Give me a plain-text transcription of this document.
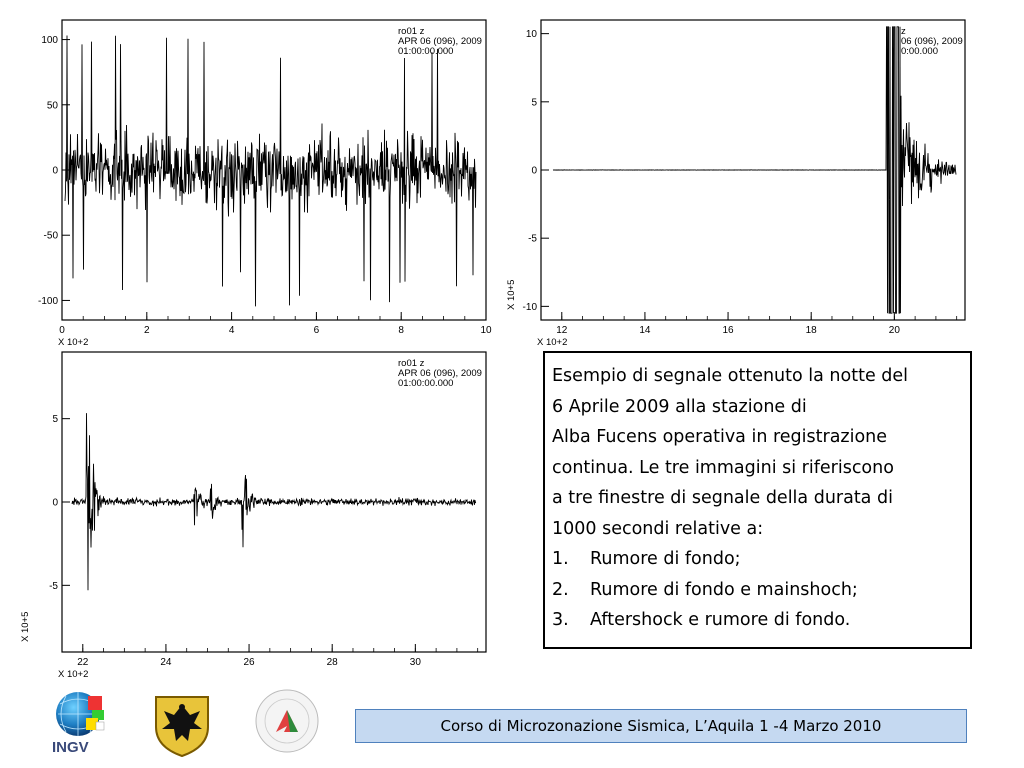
0	2	4	6	8	10
-100
-50
0
50
100
ro01 z
APR 06 (096), 2009
01:00:00.000
X 10+2
12	14	16	18	20
-10
-5
0
5
10	z
06 (096), 2009
0:00.000
X 10+2
X 10+5
22	24	26	28	30
-5
0
5
ro01 z
APR 06 (096), 2009
01:00:00.000
X 10+2
X 10+5

Esempio di segnale ottenuto la notte del

6 Aprile 2009 alla stazione di

Alba Fucens operativa in registrazione

continua. Le tre immagini si riferiscono

a tre finestre di segnale della durata di

1000 secondi relative a:

1.	Rumore di fondo;
2.	Rumore di fondo e mainshoch;
3.	Aftershock e rumore di fondo.
INGV
Corso di Microzonazione Sismica, L’Aquila 1 -4 Marzo 2010
